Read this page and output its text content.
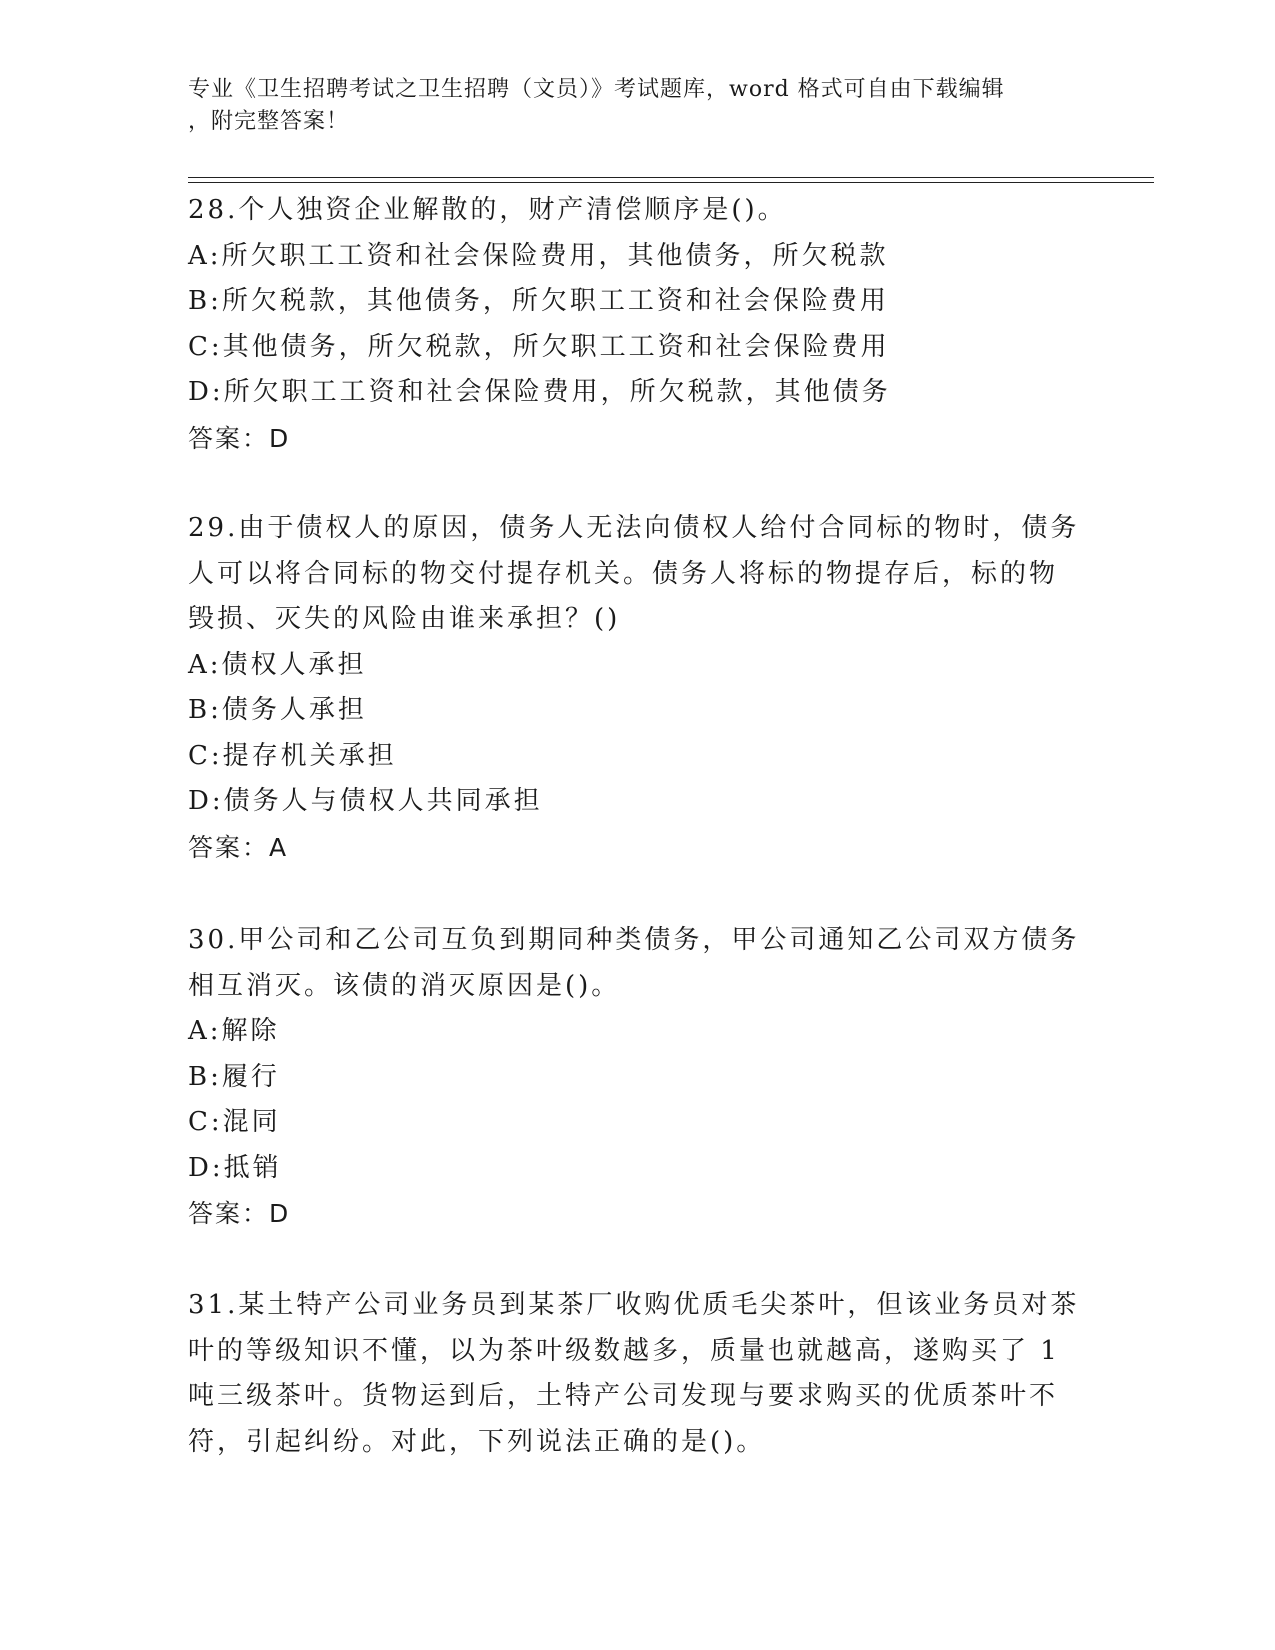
专业《卫生招聘考试之卫生招聘（文员）》考试题库，word 格式可自由下载编辑
，附完整答案！
28.个人独资企业解散的，财产清偿顺序是()。
A:所欠职工工资和社会保险费用，其他债务，所欠税款
B:所欠税款，其他债务，所欠职工工资和社会保险费用
C:其他债务，所欠税款，所欠职工工资和社会保险费用
D:所欠职工工资和社会保险费用，所欠税款，其他债务
答案：D
29.由于债权人的原因，债务人无法向债权人给付合同标的物时，债务
人可以将合同标的物交付提存机关。债务人将标的物提存后，标的物
毁损、灭失的风险由谁来承担？()
A:债权人承担
B:债务人承担
C:提存机关承担
D:债务人与债权人共同承担
答案：A
30.甲公司和乙公司互负到期同种类债务，甲公司通知乙公司双方债务
相互消灭。该债的消灭原因是()。
A:解除
B:履行
C:混同
D:抵销
答案：D
31.某土特产公司业务员到某茶厂收购优质毛尖茶叶，但该业务员对茶
叶的等级知识不懂，以为茶叶级数越多，质量也就越高，遂购买了 1
吨三级茶叶。货物运到后，土特产公司发现与要求购买的优质茶叶不
符，引起纠纷。对此，下列说法正确的是()。
